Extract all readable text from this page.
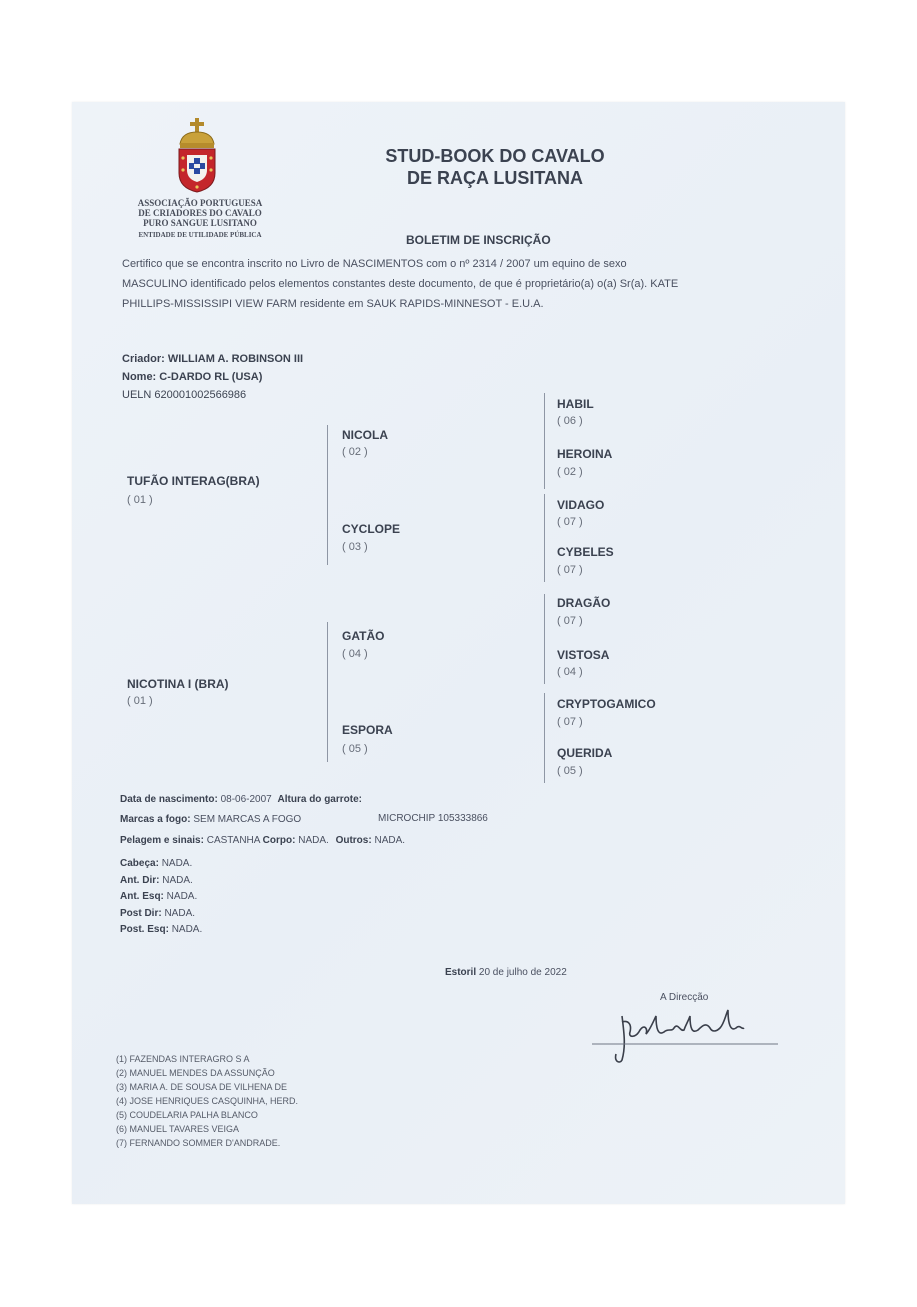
ASSOCIAÇÃO PORTUGUESA
DE CRIADORES DO CAVALO
PURO SANGUE LUSITANO
ENTIDADE DE UTILIDADE PÚBLICA
STUD-BOOK DO CAVALO
DE RAÇA LUSITANA
BOLETIM DE INSCRIÇÃO
Certifico que se encontra inscrito no Livro de NASCIMENTOS com o nº 2314 / 2007 um equino de sexo
MASCULINO identificado pelos elementos constantes deste documento, de que é proprietário(a) o(a) Sr(a). KATE
PHILLIPS-MISSISSIPI VIEW FARM residente em SAUK RAPIDS-MINNESOT - E.U.A.
Criador: WILLIAM A. ROBINSON III
Nome: C-DARDO RL (USA)
UELN 620001002566986
TUFÃO INTERAG(BRA)
( 01 )
NICOTINA I (BRA)
( 01 )
NICOLA
( 02 )
CYCLOPE
( 03 )
GATÃO
( 04 )
ESPORA
( 05 )
HABIL
( 06 )
HEROINA
( 02 )
VIDAGO
( 07 )
CYBELES
( 07 )
DRAGÃO
( 07 )
VISTOSA
( 04 )
CRYPTOGAMICO
( 07 )
QUERIDA
( 05 )
Data de nascimento: 08-06-2007 Altura do garrote:
Marcas a fogo: SEM MARCAS A FOGO	MICROCHIP 105333866
Pelagem e sinais: CASTANHA Corpo: NADA. Outros: NADA.
Cabeça: NADA.
Ant. Dir: NADA.
Ant. Esq: NADA.
Post Dir: NADA.
Post. Esq: NADA.
Estoril 20 de julho de 2022
A Direcção
(1) FAZENDAS INTERAGRO S A
(2) MANUEL MENDES DA ASSUNÇÃO
(3) MARIA A. DE SOUSA DE VILHENA DE
(4) JOSE HENRIQUES CASQUINHA, HERD.
(5) COUDELARIA PALHA BLANCO
(6) MANUEL TAVARES VEIGA
(7) FERNANDO SOMMER D'ANDRADE.
